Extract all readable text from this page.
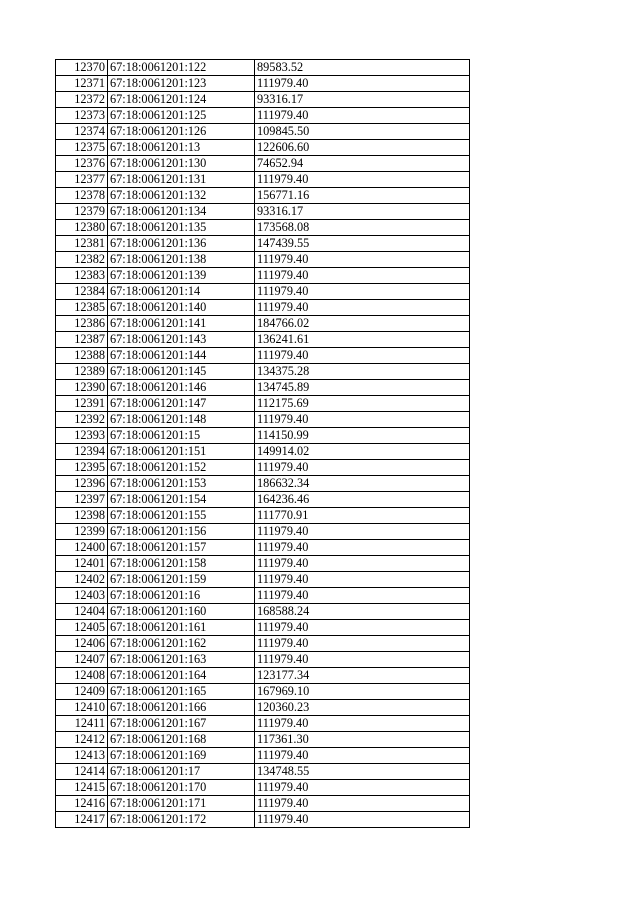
12370	67:18:0061201:122	89583.52
12371	67:18:0061201:123	111979.40
12372	67:18:0061201:124	93316.17
12373	67:18:0061201:125	111979.40
12374	67:18:0061201:126	109845.50
12375	67:18:0061201:13	122606.60
12376	67:18:0061201:130	74652.94
12377	67:18:0061201:131	111979.40
12378	67:18:0061201:132	156771.16
12379	67:18:0061201:134	93316.17
12380	67:18:0061201:135	173568.08
12381	67:18:0061201:136	147439.55
12382	67:18:0061201:138	111979.40
12383	67:18:0061201:139	111979.40
12384	67:18:0061201:14	111979.40
12385	67:18:0061201:140	111979.40
12386	67:18:0061201:141	184766.02
12387	67:18:0061201:143	136241.61
12388	67:18:0061201:144	111979.40
12389	67:18:0061201:145	134375.28
12390	67:18:0061201:146	134745.89
12391	67:18:0061201:147	112175.69
12392	67:18:0061201:148	111979.40
12393	67:18:0061201:15	114150.99
12394	67:18:0061201:151	149914.02
12395	67:18:0061201:152	111979.40
12396	67:18:0061201:153	186632.34
12397	67:18:0061201:154	164236.46
12398	67:18:0061201:155	111770.91
12399	67:18:0061201:156	111979.40
12400	67:18:0061201:157	111979.40
12401	67:18:0061201:158	111979.40
12402	67:18:0061201:159	111979.40
12403	67:18:0061201:16	111979.40
12404	67:18:0061201:160	168588.24
12405	67:18:0061201:161	111979.40
12406	67:18:0061201:162	111979.40
12407	67:18:0061201:163	111979.40
12408	67:18:0061201:164	123177.34
12409	67:18:0061201:165	167969.10
12410	67:18:0061201:166	120360.23
12411	67:18:0061201:167	111979.40
12412	67:18:0061201:168	117361.30
12413	67:18:0061201:169	111979.40
12414	67:18:0061201:17	134748.55
12415	67:18:0061201:170	111979.40
12416	67:18:0061201:171	111979.40
12417	67:18:0061201:172	111979.40
